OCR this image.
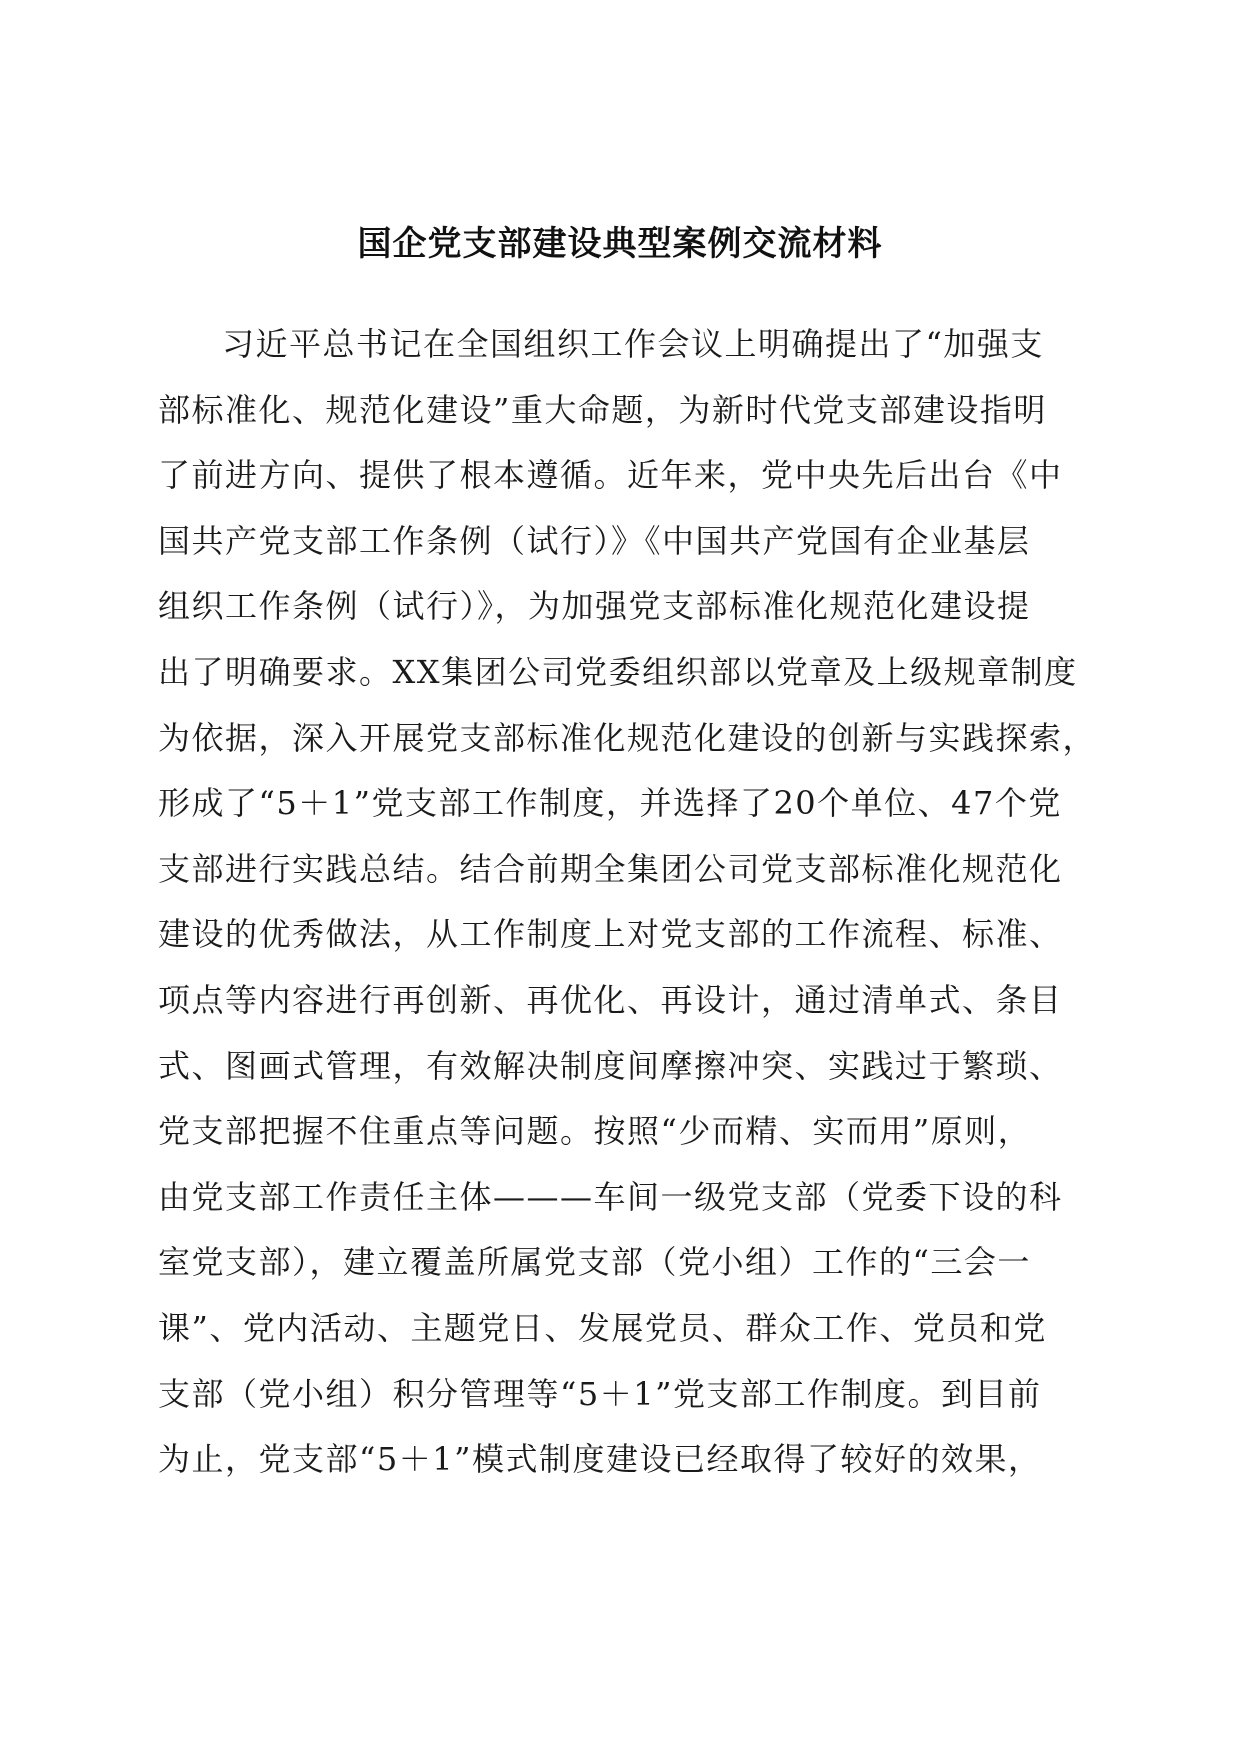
国企党支部建设典型案例交流材料
习近平总书记在全国组织工作会议上明确提出了“加强支
部标准化、规范化建设”重大命题，为新时代党支部建设指明
了前进方向、提供了根本遵循。近年来，党中央先后出台《中
国共产党支部工作条例（试行）》《中国共产党国有企业基层
组织工作条例（试行）》，为加强党支部标准化规范化建设提
出了明确要求。XX集团公司党委组织部以党章及上级规章制度
为依据，深入开展党支部标准化规范化建设的创新与实践探索，
形成了“5＋1”党支部工作制度，并选择了20个单位、47个党
支部进行实践总结。结合前期全集团公司党支部标准化规范化
建设的优秀做法，从工作制度上对党支部的工作流程、标准、
项点等内容进行再创新、再优化、再设计，通过清单式、条目
式、图画式管理，有效解决制度间摩擦冲突、实践过于繁琐、
党支部把握不住重点等问题。按照“少而精、实而用”原则，
由党支部工作责任主体———车间一级党支部（党委下设的科
室党支部），建立覆盖所属党支部（党小组）工作的“三会一
课”、党内活动、主题党日、发展党员、群众工作、党员和党
支部（党小组）积分管理等“5＋1”党支部工作制度。到目前
为止，党支部“5＋1”模式制度建设已经取得了较好的效果，
